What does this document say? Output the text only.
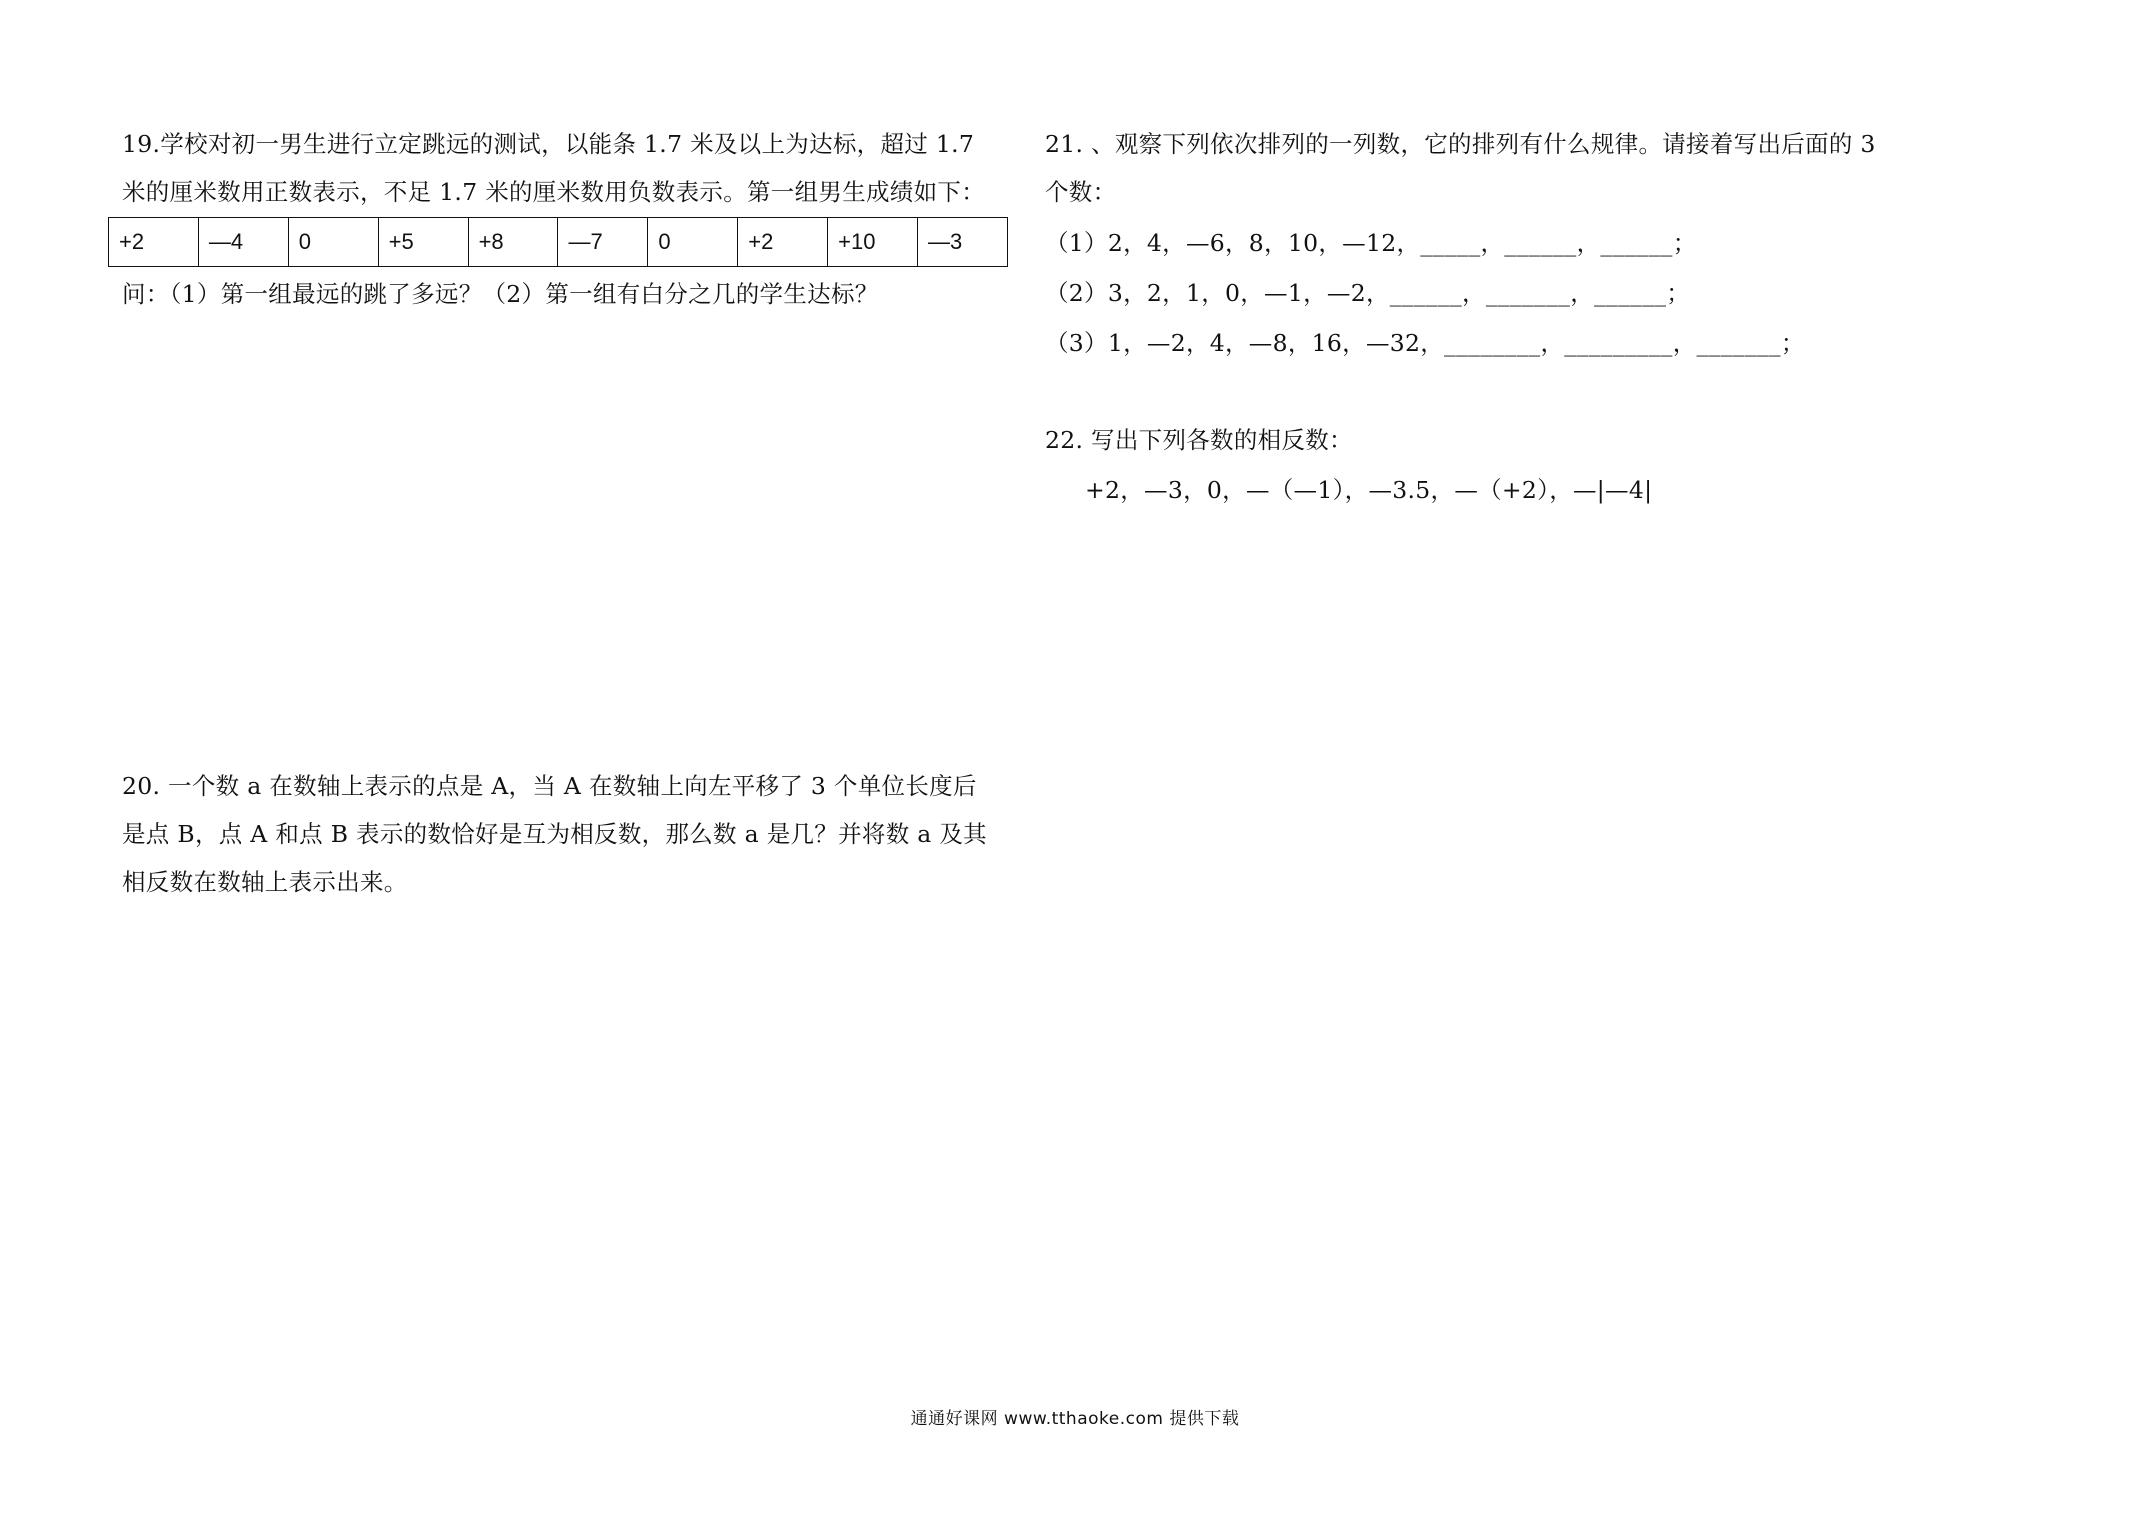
19.学校对初一男生进行立定跳远的测试，以能条 1.7 米及以上为达标，超过 1.7
米的厘米数用正数表示，不足 1.7 米的厘米数用负数表示。第一组男生成绩如下：
+2	—4	0	+5	+8	—7	0	+2	+10	—3
问：（1）第一组最远的跳了多远？（2）第一组有白分之几的学生达标？
20. 一个数 a 在数轴上表示的点是 A，当 A 在数轴上向左平移了 3 个单位长度后
是点 B，点 A 和点 B 表示的数恰好是互为相反数，那么数 a 是几？并将数 a 及其
相反数在数轴上表示出来。
21. 、观察下列依次排列的一列数，它的排列有什么规律。请接着写出后面的 3
个数：
（1）2，4，—6，8，10，—12，_____，______，______；
（2）3，2，1，0，—1，—2，______，_______，______；
（3）1，—2，4，—8，16，—32，________，_________，_______；
22. 写出下列各数的相反数：
+2，—3，0，—（—1），—3.5，—（+2），—|—4|
通通好课网 www.tthaoke.com 提供下载
